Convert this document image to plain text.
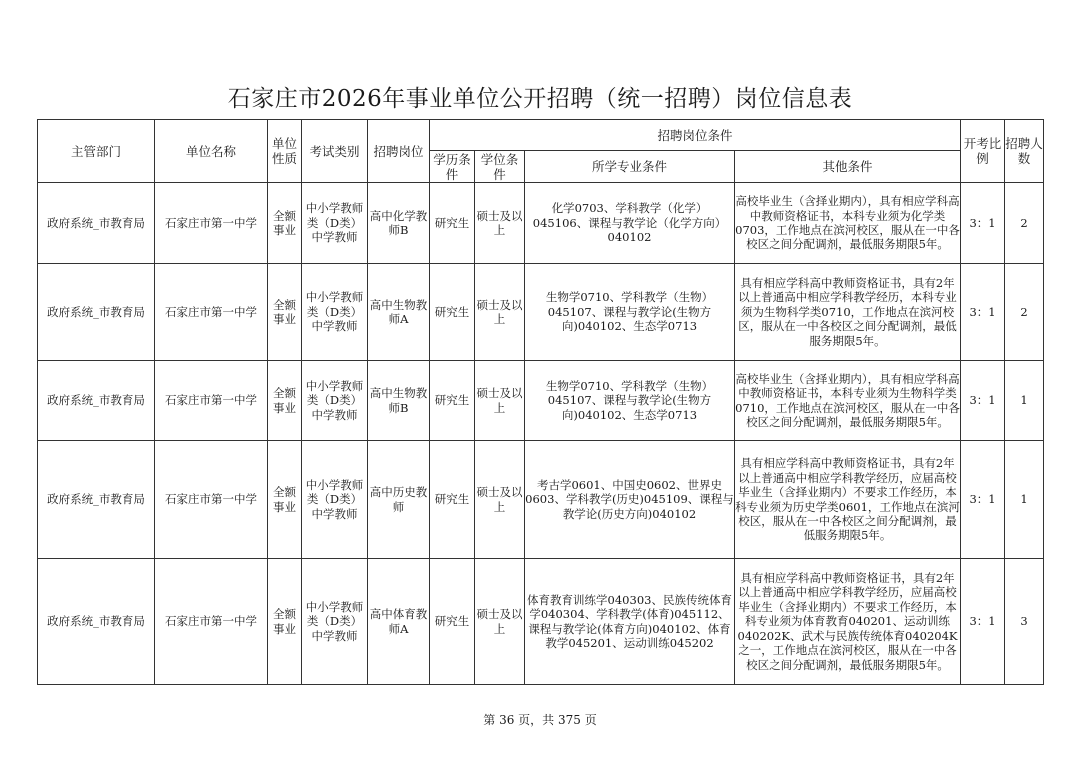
石家庄市2026年事业单位公开招聘（统一招聘）岗位信息表
主管部门	单位名称	单位性质	考试类别	招聘岗位	招聘岗位条件				开考比例	招聘人数
					学历条件	学位条件	所学专业条件	其他条件		
政府系统_市教育局	石家庄市第一中学	全额事业	中小学教师类（D类）中学教师	高中化学教师B	研究生	硕士及以上	化学0703、学科教学（化学）045106、课程与教学论（化学方向）040102	高校毕业生（含择业期内），具有相应学科高中教师资格证书，本科专业须为化学类0703，工作地点在滨河校区，服从在一中各校区之间分配调剂，最低服务期限5年。	3：1	2
政府系统_市教育局	石家庄市第一中学	全额事业	中小学教师类（D类）中学教师	高中生物教师A	研究生	硕士及以上	生物学0710、学科教学（生物）045107、课程与教学论(生物方向)040102、生态学0713	具有相应学科高中教师资格证书，具有2年以上普通高中相应学科教学经历，本科专业须为生物科学类0710，工作地点在滨河校区，服从在一中各校区之间分配调剂，最低服务期限5年。	3：1	2
政府系统_市教育局	石家庄市第一中学	全额事业	中小学教师类（D类）中学教师	高中生物教师B	研究生	硕士及以上	生物学0710、学科教学（生物）045107、课程与教学论(生物方向)040102、生态学0713	高校毕业生（含择业期内），具有相应学科高中教师资格证书，本科专业须为生物科学类0710，工作地点在滨河校区，服从在一中各校区之间分配调剂，最低服务期限5年。	3：1	1
政府系统_市教育局	石家庄市第一中学	全额事业	中小学教师类（D类）中学教师	高中历史教师	研究生	硕士及以上	考古学0601、中国史0602、世界史0603、学科教学(历史)045109、课程与教学论(历史方向)040102	具有相应学科高中教师资格证书，具有2年以上普通高中相应学科教学经历，应届高校毕业生（含择业期内）不要求工作经历，本科专业须为历史学类0601，工作地点在滨河校区，服从在一中各校区之间分配调剂，最低服务期限5年。	3：1	1
政府系统_市教育局	石家庄市第一中学	全额事业	中小学教师类（D类）中学教师	高中体育教师A	研究生	硕士及以上	体育教育训练学040303、民族传统体育学040304、学科教学(体育)045112、课程与教学论(体育方向)040102、体育教学045201、运动训练045202	具有相应学科高中教师资格证书，具有2年以上普通高中相应学科教学经历，应届高校毕业生（含择业期内）不要求工作经历，本科专业须为体育教育040201、运动训练040202K、武术与民族传统体育040204K之一，工作地点在滨河校区，服从在一中各校区之间分配调剂，最低服务期限5年。	3：1	3
第 36 页，共 375 页
